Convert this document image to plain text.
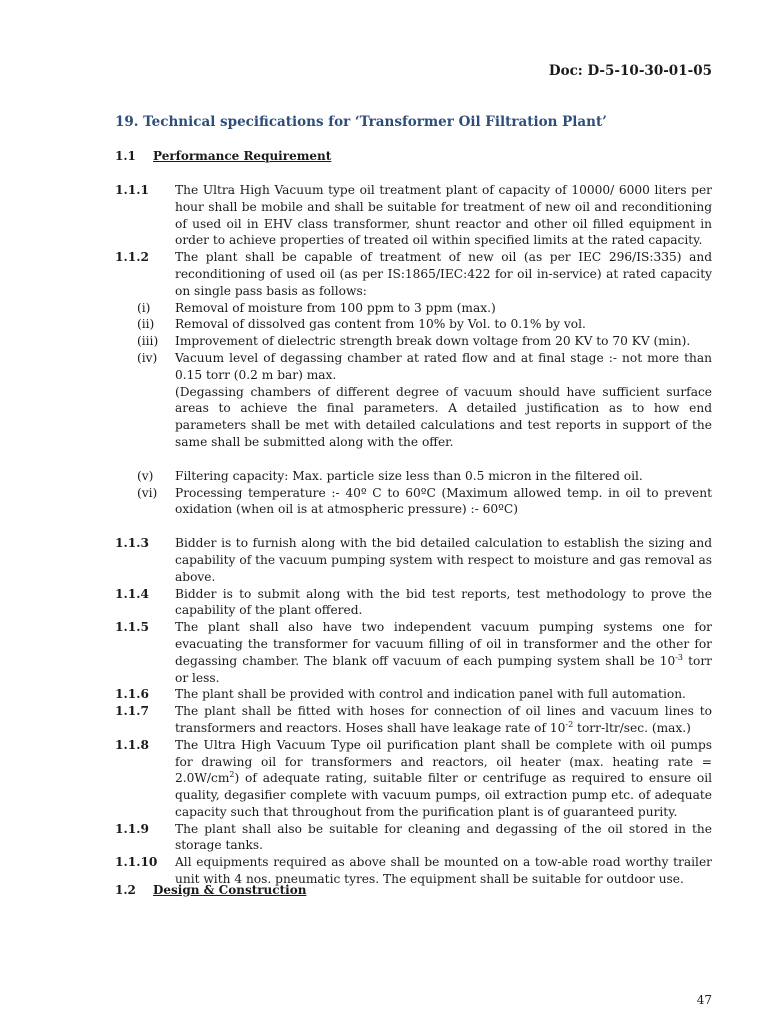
Doc: D-5-10-30-01-05
19. Technical specifications for ‘Transformer Oil Filtration Plant’
1.1 Performance Requirement
1.1.1 The Ultra High Vacuum type oil treatment plant of capacity of 10000/ 6000 liters per hour shall be mobile and shall be suitable for treatment of new oil and reconditioning of used oil in EHV class transformer, shunt reactor and other oil filled equipment in order to achieve properties of treated oil within specified limits at the rated capacity.
1.1.2 The plant shall be capable of treatment of new oil (as per IEC 296/IS:335) and reconditioning of used oil (as per IS:1865/IEC:422 for oil in-service) at rated capacity on single pass basis as follows:
(i) Removal of moisture from 100 ppm to 3 ppm (max.)
(ii) Removal of dissolved gas content from 10% by Vol. to 0.1% by vol.
(iii) Improvement of dielectric strength break down voltage from 20 KV to 70 KV (min).
(iv) Vacuum level of degassing chamber at rated flow and at final stage :- not more than 0.15 torr (0.2 m bar) max.
(Degassing chambers of different degree of vacuum should have sufficient surface areas to achieve the final parameters. A detailed justification as to how end parameters shall be met with detailed calculations and test reports in support of the same shall be submitted along with the offer.
(v) Filtering capacity: Max. particle size less than 0.5 micron in the filtered oil.
(vi) Processing temperature :- 40º C to 60ºC (Maximum allowed temp. in oil to prevent oxidation (when oil is at atmospheric pressure) :- 60ºC)
1.1.3 Bidder is to furnish along with the bid detailed calculation to establish the sizing and capability of the vacuum pumping system with respect to moisture and gas removal as above.
1.1.4 Bidder is to submit along with the bid test reports, test methodology to prove the capability of the plant offered.
1.1.5 The plant shall also have two independent vacuum pumping systems one for evacuating the transformer for vacuum filling of oil in transformer and the other for degassing chamber. The blank off vacuum of each pumping system shall be $10^{-3}$ torr or less.
1.1.6 The plant shall be provided with control and indication panel with full automation.
1.1.7 The plant shall be fitted with hoses for connection of oil lines and vacuum lines to transformers and reactors. Hoses shall have leakage rate of $10^{-2}$ torr-ltr/sec. (max.)
1.1.8 The Ultra High Vacuum Type oil purification plant shall be complete with oil pumps for drawing oil for transformers and reactors, oil heater (max. heating rate = $2.0W/cm^2$) of adequate rating, suitable filter or centrifuge as required to ensure oil quality, degasifier complete with vacuum pumps, oil extraction pump etc. of adequate capacity such that throughout from the purification plant is of guaranteed purity.
1.1.9 The plant shall also be suitable for cleaning and degassing of the oil stored in the storage tanks.
1.1.10 All equipments required as above shall be mounted on a tow-able road worthy trailer unit with 4 nos. pneumatic tyres. The equipment shall be suitable for outdoor use.
1.2 Design & Construction
47
